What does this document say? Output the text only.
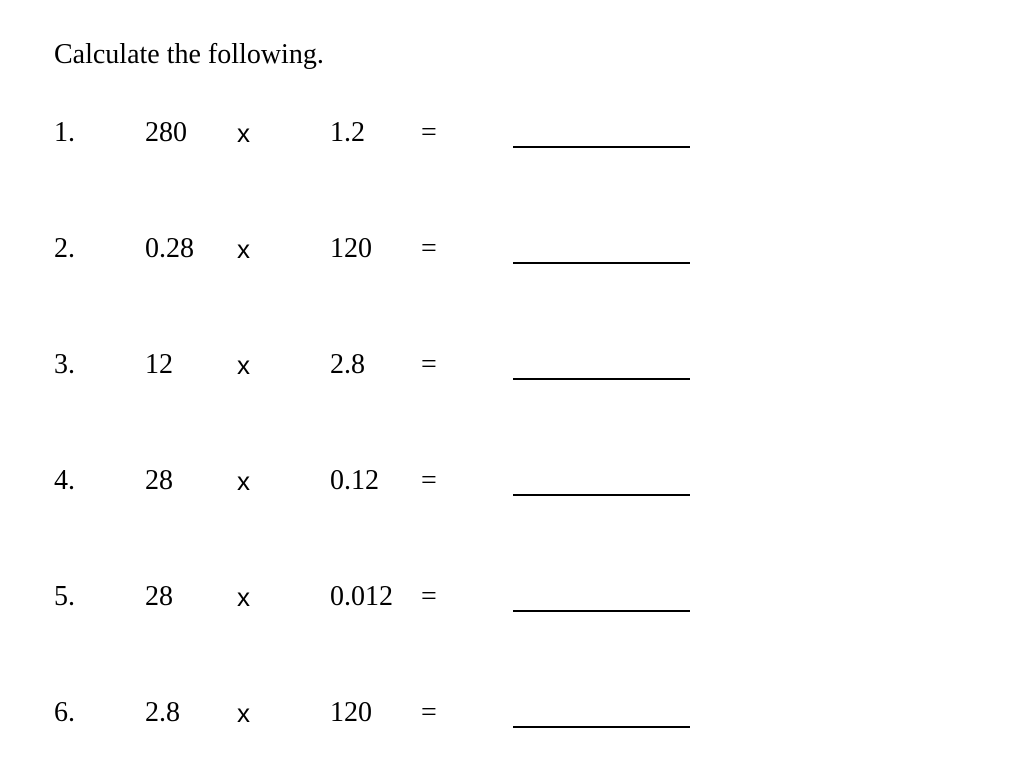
Calculate the following.
1.	280 x	1.2 =
2.	0.28 x	120 =
3.	12 x	2.8 =
4.	28 x	0.12 =
5.	28 x	0.012 =
6.	2.8 x	120 =
